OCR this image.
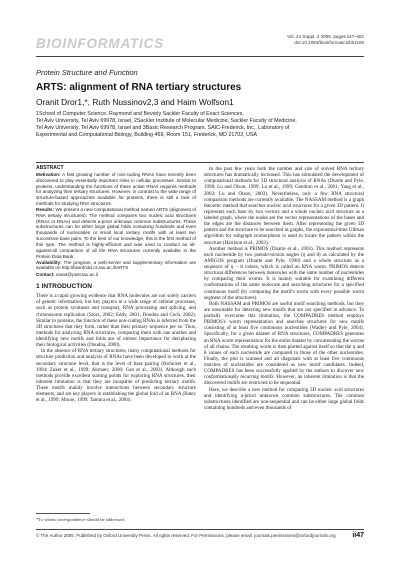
BIOINFORMATICS	Vol. 21 Suppl. 2 2005, pages ii47–ii52
doi:10.1093/bioinformatics/bti1108
Protein Structure and Function
ARTS: alignment of RNA tertiary structures
Oranit Dror1,*, Ruth Nussinov2,3 and Haim Wolfson1
1School of Computer Science, Raymond and Beverly Sackler Faculty of Exact Sciences,
Tel Aviv University, Tel Aviv 69978, Israel, 2Sackler Institute of Molecular Medicine, Sackler Faculty of Medicine,
Tel Aviv University, Tel Aviv 69978, Israel and 3Basic Research Program, SAIC-Frederick, Inc., Laboratory of
Experimental and Computational Biology, Building 469, Room 151, Frederick, MD 21702, USA
ABSTRACT

Motivation: A fast growing number of non-coding RNAs have recently been discovered to play essentially important roles in cellular processes. Similar to proteins, understanding the functions of these active RNAs requires methods for analyzing their tertiary structures. However, in contrast to the wide range of structure-based approaches available for proteins, there is still a lack of methods for studying RNA structures.

Results: We present a new computational method named ARTS (alignment of RNA tertiary structures). The method compares two nucleic acid structures (RNAs or DNAs) and detects a-priori unknown common substructures. These substructures can be either large global folds containing hundreds and even thousands of nucleotides or small local tertiary motifs with at least two successive base pairs. To the best of our knowledge, this is the first method of this type. The method is highly-efficient and was used to conduct an all-against-all comparison of all the RNA structures currently available in the Protein Data Bank.

Availability: The program, a web-server and supplementary information are available on http://bioinfo3d.cs.tau.ac.il/ARTS

Contact: oranit@post.tau.ac.il

1 INTRODUCTION

There is a rapid growing evidence that RNA molecules are not solely carriers of genetic information, but key players in a wide range of cellular processes, such as protein synthesis and transport, RNA processing and splicing, and chromosome replication (Storz, 2002; Eddy, 2001; Doudna and Cech, 2002). Similar to proteins, the function of these non-coding RNAs is inferred from the 3D structures that they form, rather than their primary sequence per se. Thus, methods for analyzing RNA structures, comparing them with one another and identifying new motifs and folds are of utmost importance for deciphering their biological activities (Doudna, 2000).

In the absence of RNA tertiary structures, many computational methods for structure prediction and analysis of RNAs have been developed to work at the secondary structure level, that is the level of base pairing (Hofacker et al., 1994; Zuker et al., 1999; Akmaev, 2000; Gan et al., 2003). Although such methods provide excellent starting points for exploring RNA structures, their inherent limitation is that they are incapable of predicting tertiary motifs. These motifs mainly involve interactions between secondary structure elements, and are key players in establishing the global fold of an RNA (Batey et al., 1999; Moore, 1999; Tamura et al., 2004).

In the past few years both the number and size of solved RNA tertiary structures has dramatically increased. This has stimulated the development of computational methods for 3D structural analysis of RNAs (Duarte and Pyle, 1998; Lu and Olson, 1999; Lu et al., 1999; Gendron et al., 2001; Yang et al., 2003; Lu and Olson, 2003). Nevertheless, only a few RNA structural comparison methods are currently available. The NASSAM method is a graph theoretic method that searches nucleic acid structures for a given 3D pattern. It represents each base by two vectors and a whole nucleic acid structure as a labeled graph, where the nodes are the vector representations of the bases and the edges are the distances between them. After representing the given 3D pattern and the structure to be searched as graphs, the exponential-time Ullman algorithm for subgraph isomorphism is used to locate the pattern within the structure (Harrison et al., 2003).

Another method is PRIMOS (Duarte et al., 2003). This method represents each nucleotide by two pseudo-torsion angles (η and θ) as calculated by the AMIGOS program (Duarte and Pyle, 1998) and a whole structure as a sequence of η − θ values, which is called an RNA worm. PRIMOS detects structural differences between molecules with the same number of nucleotides by comparing their worms. It is mainly suitable for examining different conformations of the same molecule and searching structures for a specified continuous motif (by comparing the motif's worm with every possible worm segment of the structures).

Both NASSAM and PRIMOS are useful motif searching methods, but they are unsuitable for detecting new motifs that are not specified in advance. To partially overcome this limitation, the COMPADRES method employs PRIMOS's worm representation and searches structures for new motifs consisting of at least five continuous nucleotides (Wadley and Pyle, 2004). Specifically, for a given dataset of RNA structures, COMPADRES generates an RNA worm representation for the entire dataset by concatenating the worms of all chains. The resulting worm is then plotted against itself so that the η and θ values of each nucleotide are compared to those of the other nucleotides. Finally, the plot is scanned and all diagonals with at least five continuous matches of nucleotides are considered as new motif candidates. Indeed, COMPADRES has been successfully applied by the authors to discover new conformationally recurring motifs. However, an inherent limitation is that the discovered motifs are restricted to be sequential.

Here, we describe a new method for comparing 3D nucleic acid structures and identifying a-priori unknown common substructures. The common substructures identified are non-sequential and can be either large global folds containing hundreds and even thousands of

*To whom correspondence should be addressed.
© The Author 2005. Published by Oxford University Press. All rights reserved. For Permissions, please email: journals.permissions@oxfordjournals.org ii47
